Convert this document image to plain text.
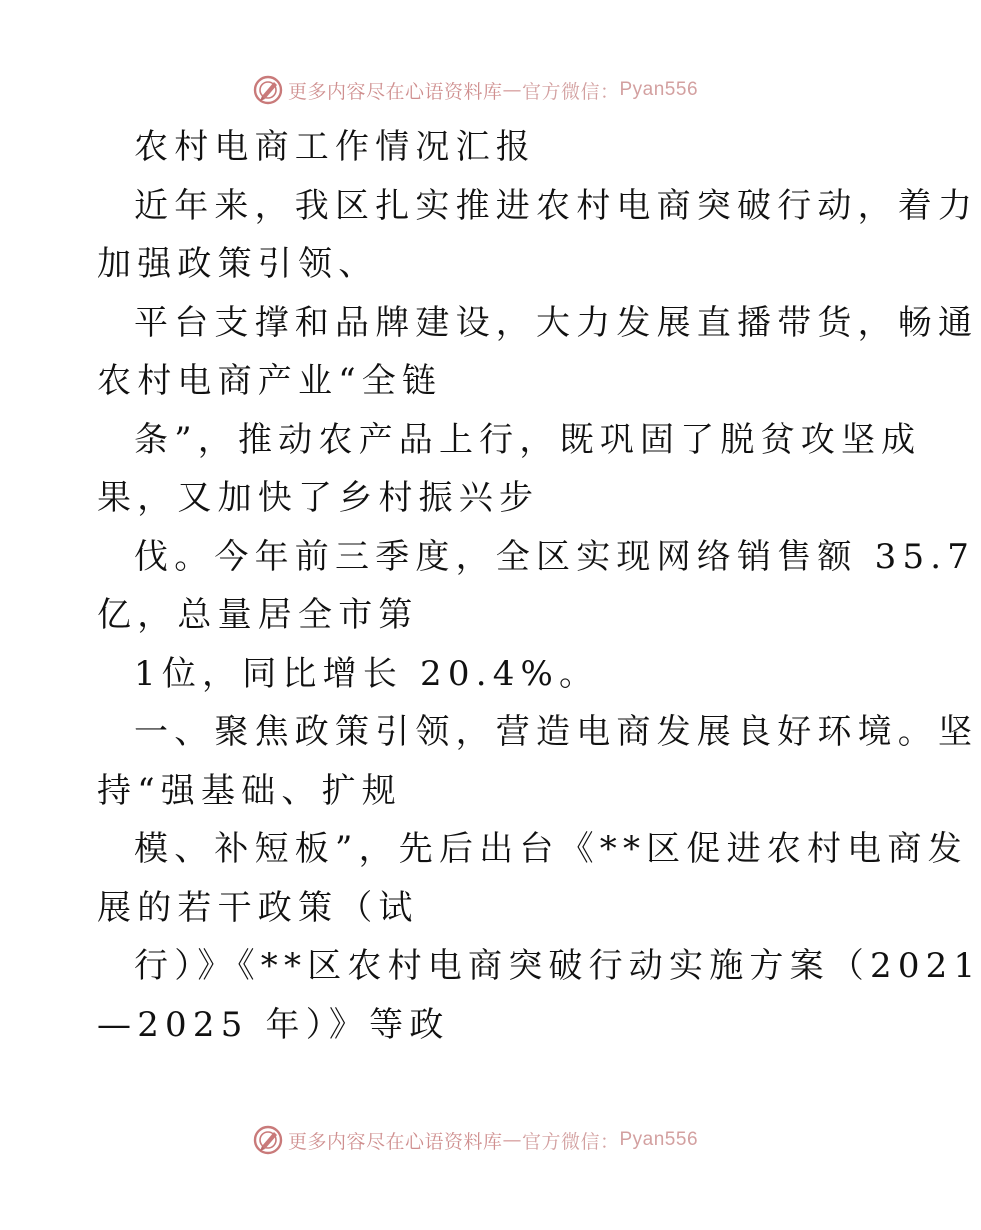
更多内容尽在心语资料库 — 官方微信： Pyan556
农村电商工作情况汇报
近年来，我区扎实推进农村电商突破行动，着力
加强政策引领、
平台支撑和品牌建设，大力发展直播带货，畅通
农村电商产业“全链
条”，推动农产品上行，既巩固了脱贫攻坚成
果，又加快了乡村振兴步
伐。今年前三季度，全区实现网络销售额 35.7
亿，总量居全市第
1位，同比增长 20.4%。
一、聚焦政策引领，营造电商发展良好环境。坚
持“强基础、扩规
模、补短板”，先后出台《**区促进农村电商发
展的若干政策（试
行）》《**区农村电商突破行动实施方案（2021
—2025 年）》等政
更多内容尽在心语资料库 — 官方微信： Pyan556
